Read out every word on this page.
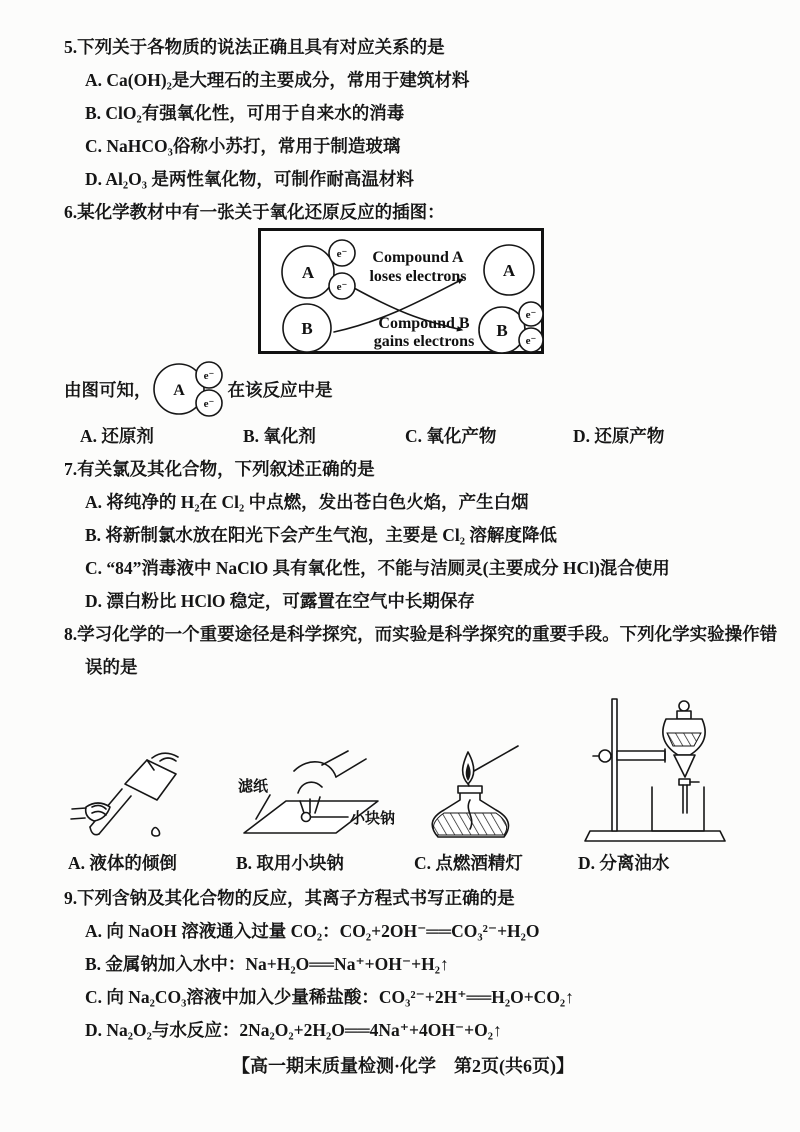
5.下列关于各物质的说法正确且具有对应关系的是
A. Ca(OH)₂是大理石的主要成分，常用于建筑材料
B. ClO₂有强氧化性，可用于自来水的消毒
C. NaHCO₃俗称小苏打，常用于制造玻璃
D. Al₂O₃ 是两性氧化物，可制作耐高温材料
6.某化学教材中有一张关于氧化还原反应的插图：
A
e⁻
e⁻
Compound A
loses electrons A
B	Compound B
gains electrons
B
e⁻
e⁻
由图可知， A
e⁻
e⁻
在该反应中是
A. 还原剂	B. 氧化剂	C. 氧化产物	D. 还原产物
7.有关氯及其化合物，下列叙述正确的是
A. 将纯净的 H₂在 Cl₂ 中点燃，发出苍白色火焰，产生白烟
B. 将新制氯水放在阳光下会产生气泡，主要是 Cl₂ 溶解度降低
C. “84”消毒液中 NaClO 具有氧化性，不能与洁厕灵(主要成分 HCl)混合使用
D. 漂白粉比 HClO 稳定，可露置在空气中长期保存
8.学习化学的一个重要途径是科学探究，而实验是科学探究的重要手段。下列化学实验操作错
误的是
A. 液体的倾倒
滤纸
小块钠
B. 取用小块钠	C. 点燃酒精灯	D. 分离油水
9.下列含钠及其化合物的反应，其离子方程式书写正确的是
A. 向 NaOH 溶液通入过量 CO₂：CO₂+2OH⁻══CO₃²⁻+H₂O
B. 金属钠加入水中：Na+H₂O══Na⁺+OH⁻+H₂↑
C. 向 Na₂CO₃溶液中加入少量稀盐酸：CO₃²⁻+2H⁺══H₂O+CO₂↑
D. Na₂O₂与水反应：2Na₂O₂+2H₂O══4Na⁺+4OH⁻+O₂↑
【高一期末质量检测·化学　第2页(共6页)】
